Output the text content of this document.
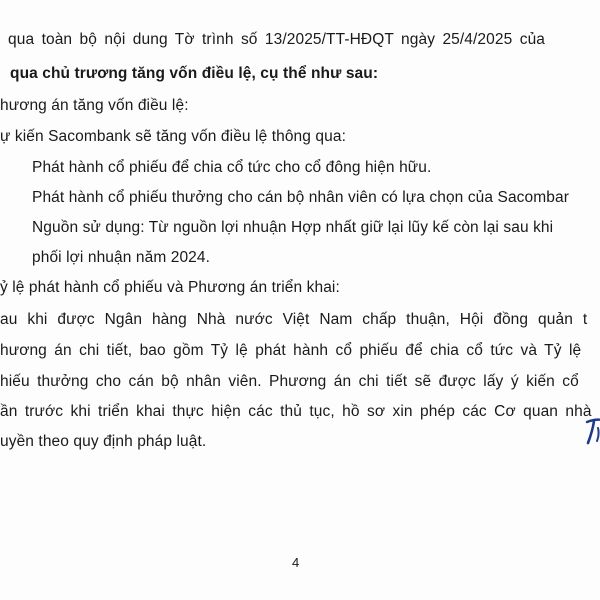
qua toàn bộ nội dung Tờ trình số 13/2025/TT-HĐQT ngày 25/4/2025 của
qua chủ trương tăng vốn điều lệ, cụ thể như sau:
hương án tăng vốn điều lệ:
ự kiến Sacombank sẽ tăng vốn điều lệ thông qua:
Phát hành cổ phiếu để chia cổ tức cho cổ đông hiện hữu.
Phát hành cổ phiếu thưởng cho cán bộ nhân viên có lựa chọn của Sacombar
Nguồn sử dụng: Từ nguồn lợi nhuận Hợp nhất giữ lại lũy kế còn lại sau khi
phối lợi nhuận năm 2024.
ỷ lệ phát hành cổ phiếu và Phương án triển khai:
au khi được Ngân hàng Nhà nước Việt Nam chấp thuận, Hội đồng quản t
hương án chi tiết, bao gồm Tỷ lệ phát hành cổ phiếu để chia cổ tức và Tỷ lệ
hiếu thưởng cho cán bộ nhân viên. Phương án chi tiết sẽ được lấy ý kiến cổ
ần trước khi triển khai thực hiện các thủ tục, hồ sơ xin phép các Cơ quan nhà
uyền theo quy định pháp luật.
4
